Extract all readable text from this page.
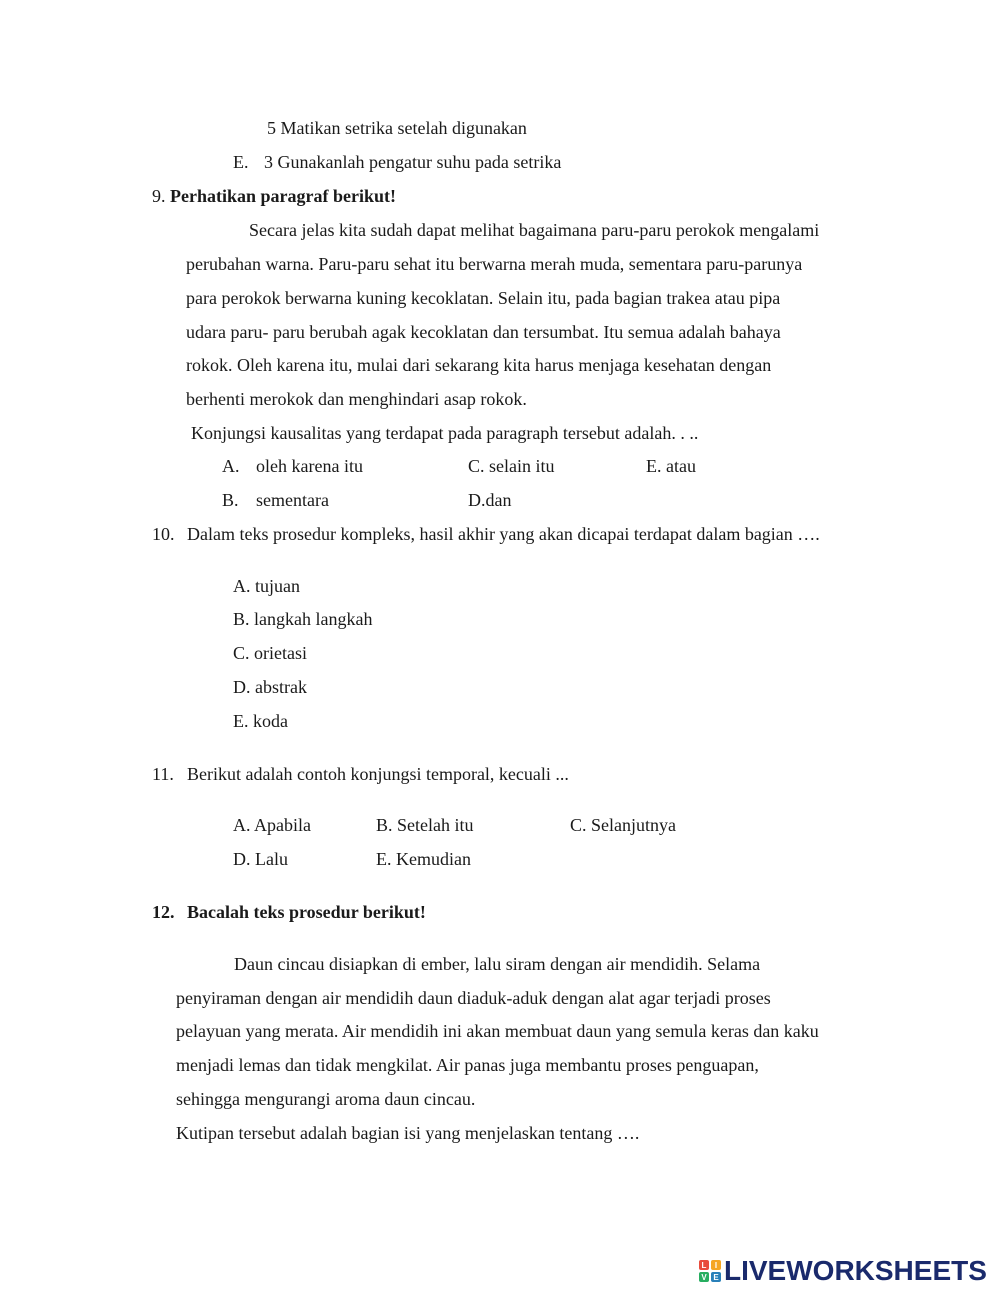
5 Matikan setrika setelah digunakan
E. 3 Gunakanlah pengatur suhu pada setrika
9. Perhatikan paragraf berikut!
Secara jelas kita sudah dapat melihat bagaimana paru-paru perokok mengalami
perubahan warna. Paru-paru sehat itu berwarna merah muda, sementara paru-parunya
para perokok berwarna kuning kecoklatan. Selain itu, pada bagian trakea atau pipa
udara paru- paru berubah agak kecoklatan dan tersumbat. Itu semua adalah bahaya
rokok. Oleh karena itu, mulai dari sekarang kita harus menjaga kesehatan dengan
berhenti merokok dan menghindari asap rokok.
Konjungsi kausalitas yang terdapat pada paragraph tersebut adalah. . ..
A. oleh karena itu	C. selain itu	E. atau
B. sementara	D.dan
10. Dalam teks prosedur kompleks, hasil akhir yang akan dicapai terdapat dalam bagian ….
A. tujuan
B. langkah langkah
C. orietasi
D. abstrak
E. koda
11. Berikut adalah contoh konjungsi temporal, kecuali ...
A. Apabila	B. Setelah itu	C. Selanjutnya
D. Lalu	E. Kemudian
12. Bacalah teks prosedur berikut!
Daun cincau disiapkan di ember, lalu siram dengan air mendidih. Selama
penyiraman dengan air mendidih daun diaduk-aduk dengan alat agar terjadi proses
pelayuan yang merata. Air mendidih ini akan membuat daun yang semula keras dan kaku
menjadi lemas dan tidak mengkilat. Air panas juga membantu proses penguapan,
sehingga mengurangi aroma daun cincau.
Kutipan tersebut adalah bagian isi yang menjelaskan tentang ….
L	I
V E LIVEWORKSHEETS
